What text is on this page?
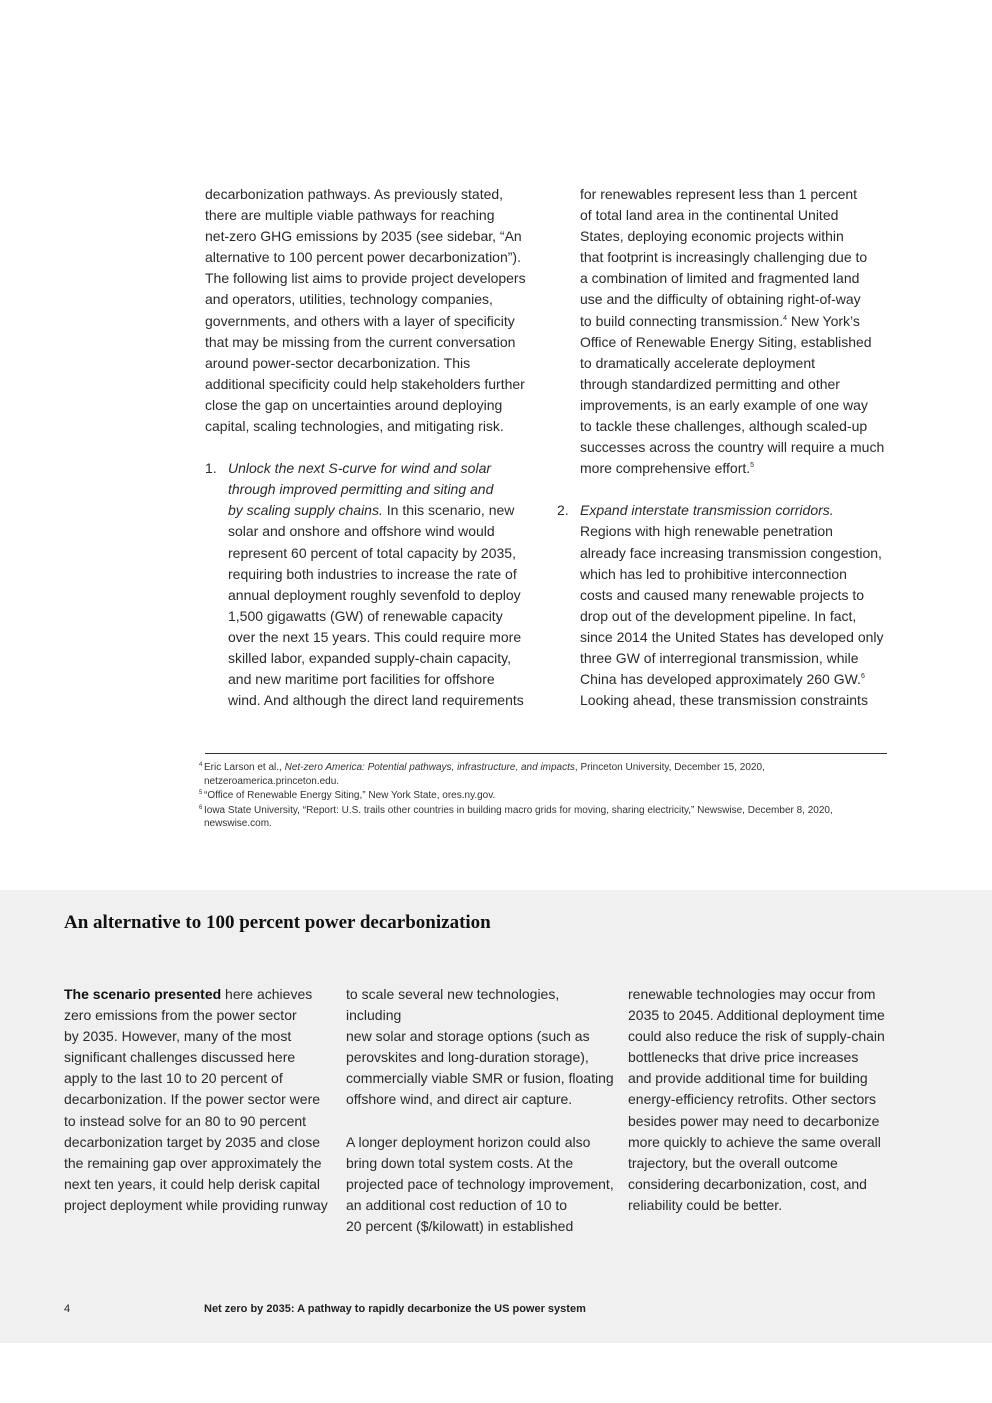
decarbonization pathways. As previously stated,
there are multiple viable pathways for reaching
net-zero GHG emissions by 2035 (see sidebar, “An
alternative to 100 percent power decarbonization”).
The following list aims to provide project developers
and operators, utilities, technology companies,
governments, and others with a layer of specificity
that may be missing from the current conversation
around power-sector decarbonization. This
additional specificity could help stakeholders further
close the gap on uncertainties around deploying
capital, scaling technologies, and mitigating risk.

1. Unlock the next S-curve for wind and solar
through improved permitting and siting and
by scaling supply chains. In this scenario, new
solar and onshore and offshore wind would
represent 60 percent of total capacity by 2035,
requiring both industries to increase the rate of
annual deployment roughly sevenfold to deploy
1,500 gigawatts (GW) of renewable capacity
over the next 15 years. This could require more
skilled labor, expanded supply-chain capacity,
and new maritime port facilities for offshore
wind. And although the direct land requirements

for renewables represent less than 1 percent
of total land area in the continental United
States, deploying economic projects within
that footprint is increasingly challenging due to
a combination of limited and fragmented land
use and the difficulty of obtaining right-of-way
to build connecting transmission.$^4$ New York’s
Office of Renewable Energy Siting, established
to dramatically accelerate deployment
through standardized permitting and other
improvements, is an early example of one way
to tackle these challenges, although scaled-up
successes across the country will require a much
more comprehensive effort.$^5$

2. Expand interstate transmission corridors.
Regions with high renewable penetration
already face increasing transmission congestion,
which has led to prohibitive interconnection
costs and caused many renewable projects to
drop out of the development pipeline. In fact,
since 2014 the United States has developed only
three GW of interregional transmission, while
China has developed approximately 260 GW.$^6$
Looking ahead, these transmission constraints

4 Eric Larson et al., Net-zero America: Potential pathways, infrastructure, and impacts, Princeton University, December 15, 2020,
netzeroamerica.princeton.edu.

5 “Office of Renewable Energy Siting,” New York State, ores.ny.gov.

6 Iowa State University, “Report: U.S. trails other countries in building macro grids for moving, sharing electricity,” Newswise, December 8, 2020,
newswise.com.

An alternative to 100 percent power decarbonization

The scenario presented here achieves
zero emissions from the power sector
by 2035. However, many of the most
significant challenges discussed here
apply to the last 10 to 20 percent of
decarbonization. If the power sector were
to instead solve for an 80 to 90 percent
decarbonization target by 2035 and close
the remaining gap over approximately the
next ten years, it could help derisk capital
project deployment while providing runway

to scale several new technologies, including
new solar and storage options (such as
perovskites and long-duration storage),
commercially viable SMR or fusion, floating
offshore wind, and direct air capture.

A longer deployment horizon could also
bring down total system costs. At the
projected pace of technology improvement,
an additional cost reduction of 10 to
20 percent ($/kilowatt) in established

renewable technologies may occur from
2035 to 2045. Additional deployment time
could also reduce the risk of supply-chain
bottlenecks that drive price increases
and provide additional time for building
energy-efficiency retrofits. Other sectors
besides power may need to decarbonize
more quickly to achieve the same overall
trajectory, but the overall outcome
considering decarbonization, cost, and
reliability could be better.

4	Net zero by 2035: A pathway to rapidly decarbonize the US power system
